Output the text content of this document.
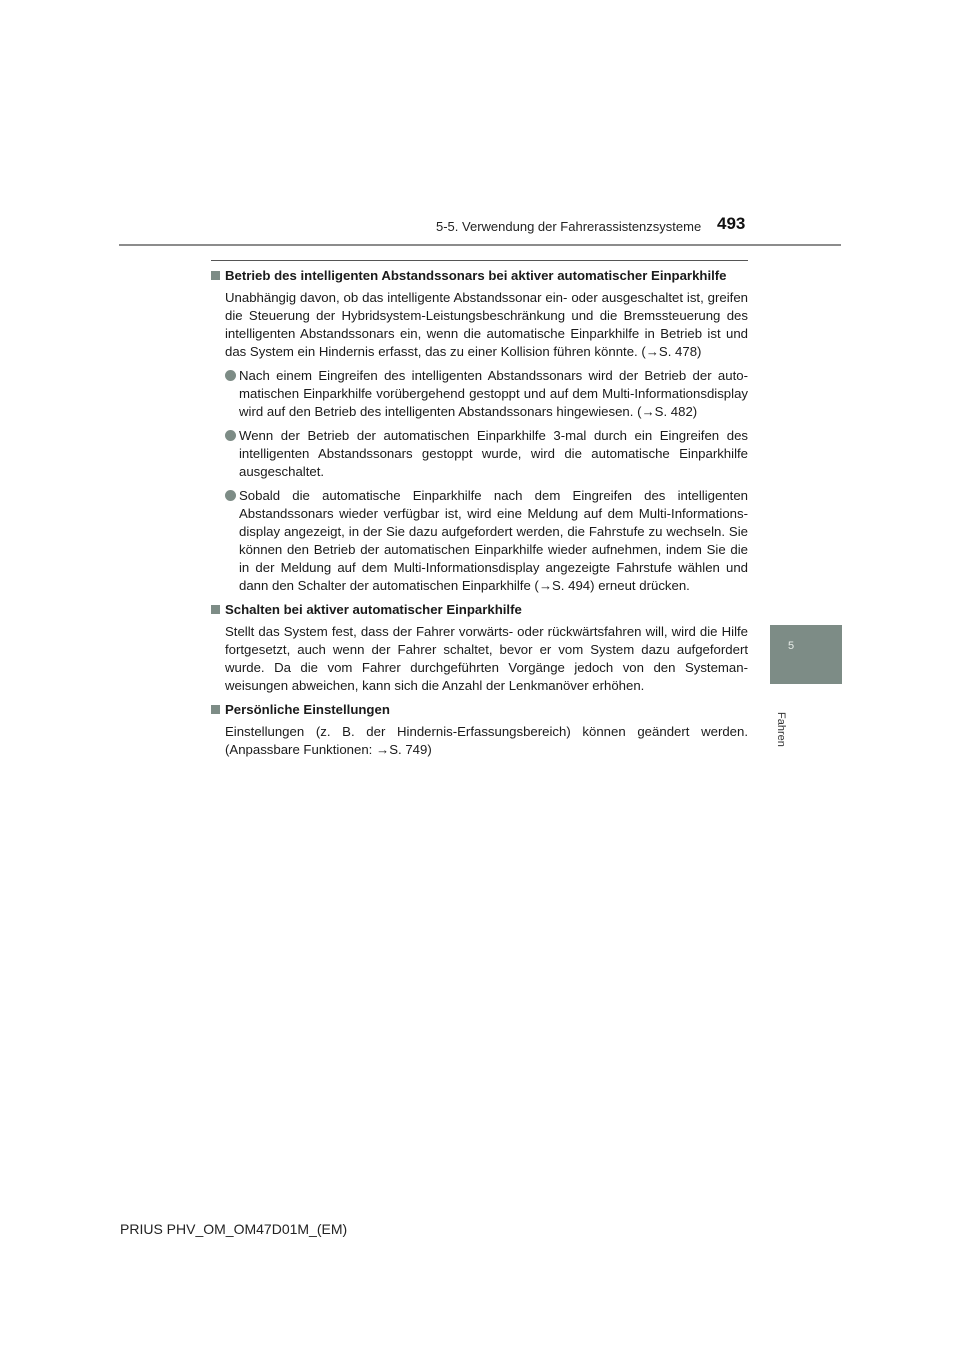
5-5. Verwendung der Fahrerassistenzsysteme 493
5
Fahren
Betrieb des intelligenten Abstandssonars bei aktiver automatischer Einparkhilfe

Unabhängig davon, ob das intelligente Abstandssonar ein- oder ausgeschaltet ist, greifen die Steuerung der Hybridsystem-Leistungsbeschränkung und die Bremssteuerung des intelligenten Abstandssonars ein, wenn die automatische Einparkhilfe in Betrieb ist und das System ein Hindernis erfasst, das zu einer Kollision führen könnte. (→S. 478)

Nach einem Eingreifen des intelligenten Abstandssonars wird der Betrieb der automatischen Einparkhilfe vorübergehend gestoppt und auf dem Multi-Informationsdisplay wird auf den Betrieb des intelligenten Abstandssonars hingewiesen. (→S. 482)
Wenn der Betrieb der automatischen Einparkhilfe 3-mal durch ein Eingreifen des intelligenten Abstandssonars gestoppt wurde, wird die automatische Einparkhilfe ausgeschaltet.
Sobald die automatische Einparkhilfe nach dem Eingreifen des intelligenten Abstandssonars wieder verfügbar ist, wird eine Meldung auf dem Multi-Informationsdisplay angezeigt, in der Sie dazu aufgefordert werden, die Fahrstufe zu wechseln. Sie können den Betrieb der automatischen Einparkhilfe wieder aufnehmen, indem Sie die in der Meldung auf dem Multi-Informationsdisplay angezeigte Fahrstufe wählen und dann den Schalter der automatischen Einparkhilfe (→S. 494) erneut drücken.
Schalten bei aktiver automatischer Einparkhilfe

Stellt das System fest, dass der Fahrer vorwärts- oder rückwärtsfahren will, wird die Hilfe fortgesetzt, auch wenn der Fahrer schaltet, bevor er vom System dazu aufgefordert wurde. Da die vom Fahrer durchgeführten Vorgänge jedoch von den Systemanweisungen abweichen, kann sich die Anzahl der Lenkmanöver erhöhen.

Persönliche Einstellungen

Einstellungen (z. B. der Hindernis-Erfassungsbereich) können geändert werden. (Anpassbare Funktionen: →S. 749)

PRIUS PHV_OM_OM47D01M_(EM)
